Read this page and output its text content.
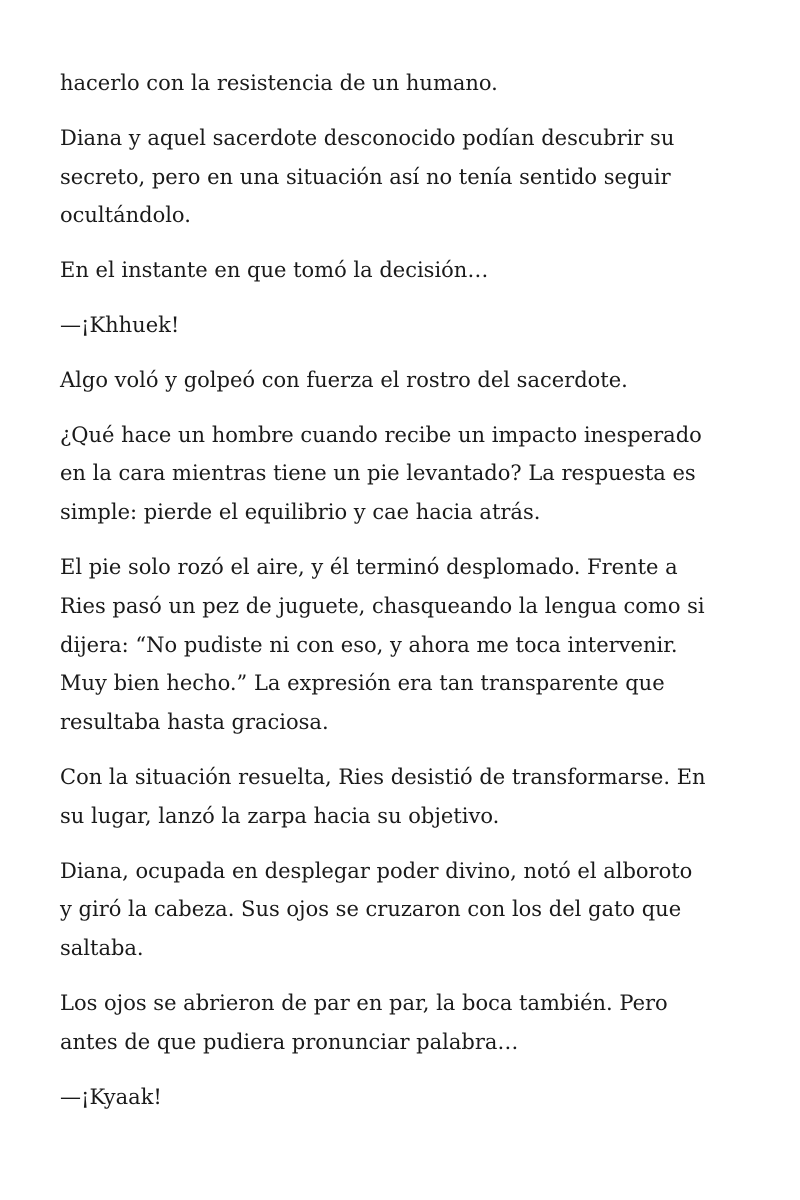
hacerlo con la resistencia de un humano.

Diana y aquel sacerdote desconocido podían descubrir su
secreto, pero en una situación así no tenía sentido seguir
ocultándolo.

En el instante en que tomó la decisión…

—¡Khhuek!

Algo voló y golpeó con fuerza el rostro del sacerdote.

¿Qué hace un hombre cuando recibe un impacto inesperado
en la cara mientras tiene un pie levantado? La respuesta es
simple: pierde el equilibrio y cae hacia atrás.

El pie solo rozó el aire, y él terminó desplomado. Frente a
Ries pasó un pez de juguete, chasqueando la lengua como si
dijera: “No pudiste ni con eso, y ahora me toca intervenir.
Muy bien hecho.” La expresión era tan transparente que
resultaba hasta graciosa.

Con la situación resuelta, Ries desistió de transformarse. En
su lugar, lanzó la zarpa hacia su objetivo.

Diana, ocupada en desplegar poder divino, notó el alboroto
y giró la cabeza. Sus ojos se cruzaron con los del gato que
saltaba.

Los ojos se abrieron de par en par, la boca también. Pero
antes de que pudiera pronunciar palabra…

—¡Kyaak!
